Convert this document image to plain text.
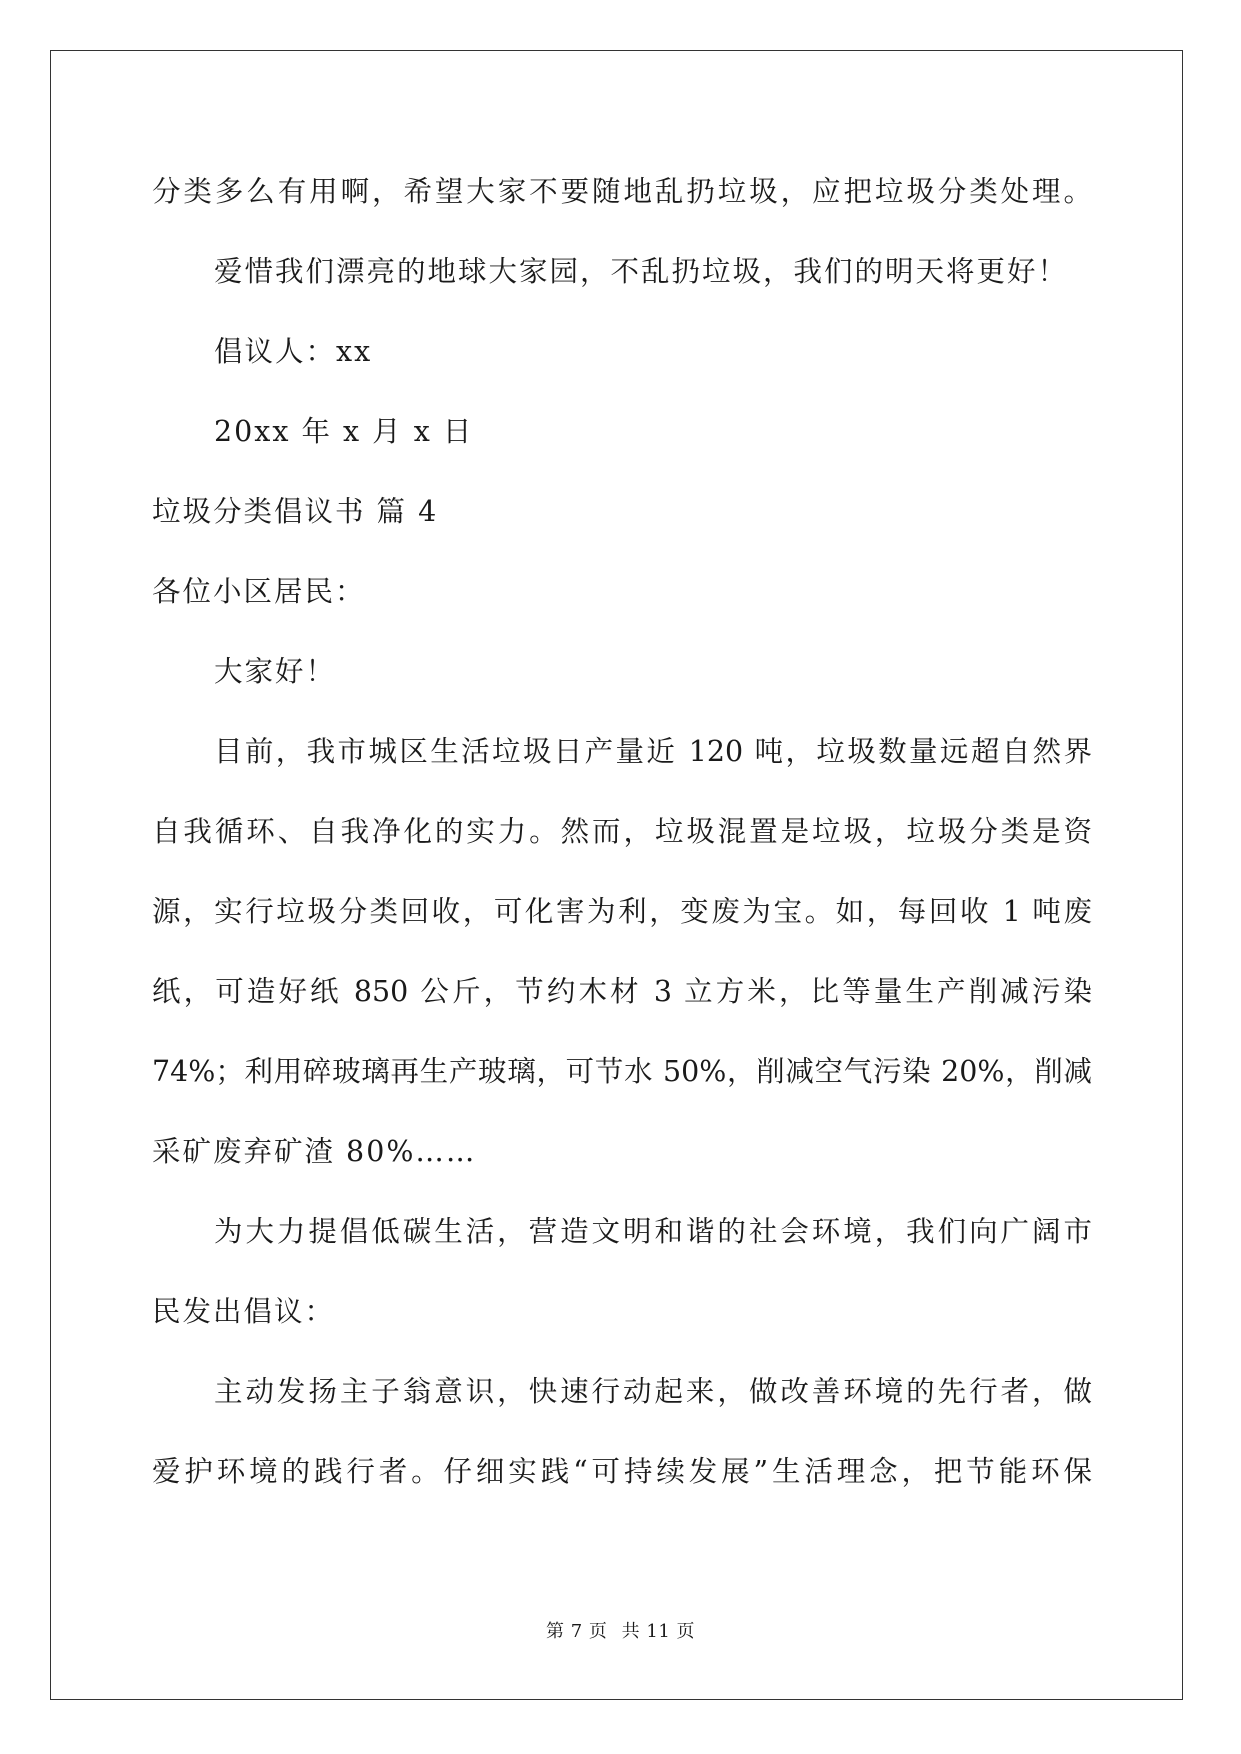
分类多么有用啊，希望大家不要随地乱扔垃圾，应把垃圾分类处理。
爱惜我们漂亮的地球大家园，不乱扔垃圾，我们的明天将更好！
倡议人：xx
20xx 年 x 月 x 日
垃圾分类倡议书 篇 4
各位小区居民：
大家好！
目前，我市城区生活垃圾日产量近 120 吨，垃圾数量远超自然界
自我循环、自我净化的实力。然而，垃圾混置是垃圾，垃圾分类是资
源，实行垃圾分类回收，可化害为利，变废为宝。如，每回收 1 吨废
纸，可造好纸 850 公斤，节约木材 3 立方米，比等量生产削减污染
74%；利用碎玻璃再生产玻璃，可节水 50%，削减空气污染 20%，削减
采矿废弃矿渣 80%……
为大力提倡低碳生活，营造文明和谐的社会环境，我们向广阔市
民发出倡议：
主动发扬主子翁意识，快速行动起来，做改善环境的先行者，做
爱护环境的践行者。仔细实践“可持续发展”生活理念，把节能环保
第 7 页 共 11 页
